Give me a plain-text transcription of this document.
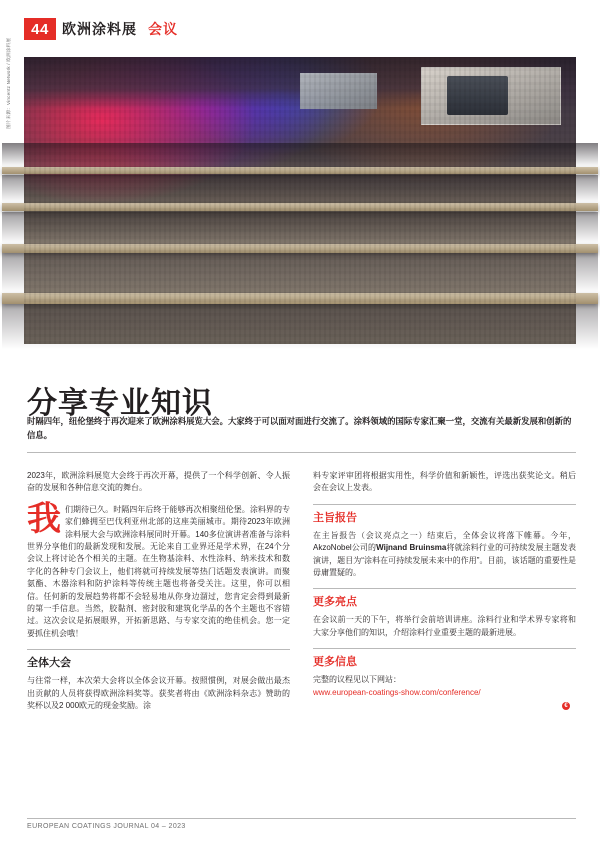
44 欧洲涂料展 会议
图片来源：Vincentz Network / 欧洲涂料展
分享专业知识
时隔四年，纽伦堡终于再次迎来了欧洲涂料展览大会。大家终于可以面对面进行交流了。涂料领域的国际专家汇聚一堂，交流有关最新发展和创新的信息。

2023年，欧洲涂料展览大会终于再次开幕，提供了一个科学创新、令人振奋的发展和各种信息交流的舞台。

我们期待已久。时隔四年后终于能够再次相聚纽伦堡。涂料界的专家们蜂拥至巴伐利亚州北部的这座美丽城市。期待2023年欧洲涂料展大会与欧洲涂料展同时开幕。140多位演讲者准备与涂料世界分享他们的最新发现和发展。无论来自工业界还是学术界，在24个分会议上将讨论各个相关的主题。在生物基涂料、水性涂料、纳米技术和数字化的各种专门会议上，他们将就可持续发展等热门话题发表演讲。而聚氨酯、木器涂料和防护涂料等传统主题也将备受关注。这里，你可以相信。任何新的发展趋势将都不会轻易地从你身边溜过，您肯定会得到最新的第一手信息。当然，胶黏剂、密封胶和建筑化学品的各个主题也不容错过。这次会议是拓展眼界，开拓新思路、与专家交流的绝佳机会。您一定要抓住机会哦！

全体大会

与往常一样，本次荣大会将以全体会议开幕。按照惯例，对展会做出最杰出贡献的人员将获得欧洲涂料奖等。获奖者将由《欧洲涂料杂志》赞助的奖杯以及2 000欧元的现金奖励。涂

料专家评审团将根据实用性，科学价值和新颖性，评选出获奖论文。稍后会在会议上发表。

主旨报告

在主旨报告（会议亮点之一）结束后，全体会议将落下帷幕。今年，AkzoNobel公司的Wijnand Bruinsma将就涂料行业的可持续发展主题发表演讲，题目为“涂料在可持续发展未来中的作用”。目前，该话题的重要性是毋庸置疑的。

更多亮点

在会议前一天的下午，将举行会前培训讲座。涂料行业和学术界专家将和大家分享他们的知识，介绍涂料行业重要主题的最新进展。

更多信息

完整的议程见以下网站：
www.european-coatings-show.com/conference/

€
EUROPEAN COATINGS JOURNAL 04 – 2023
